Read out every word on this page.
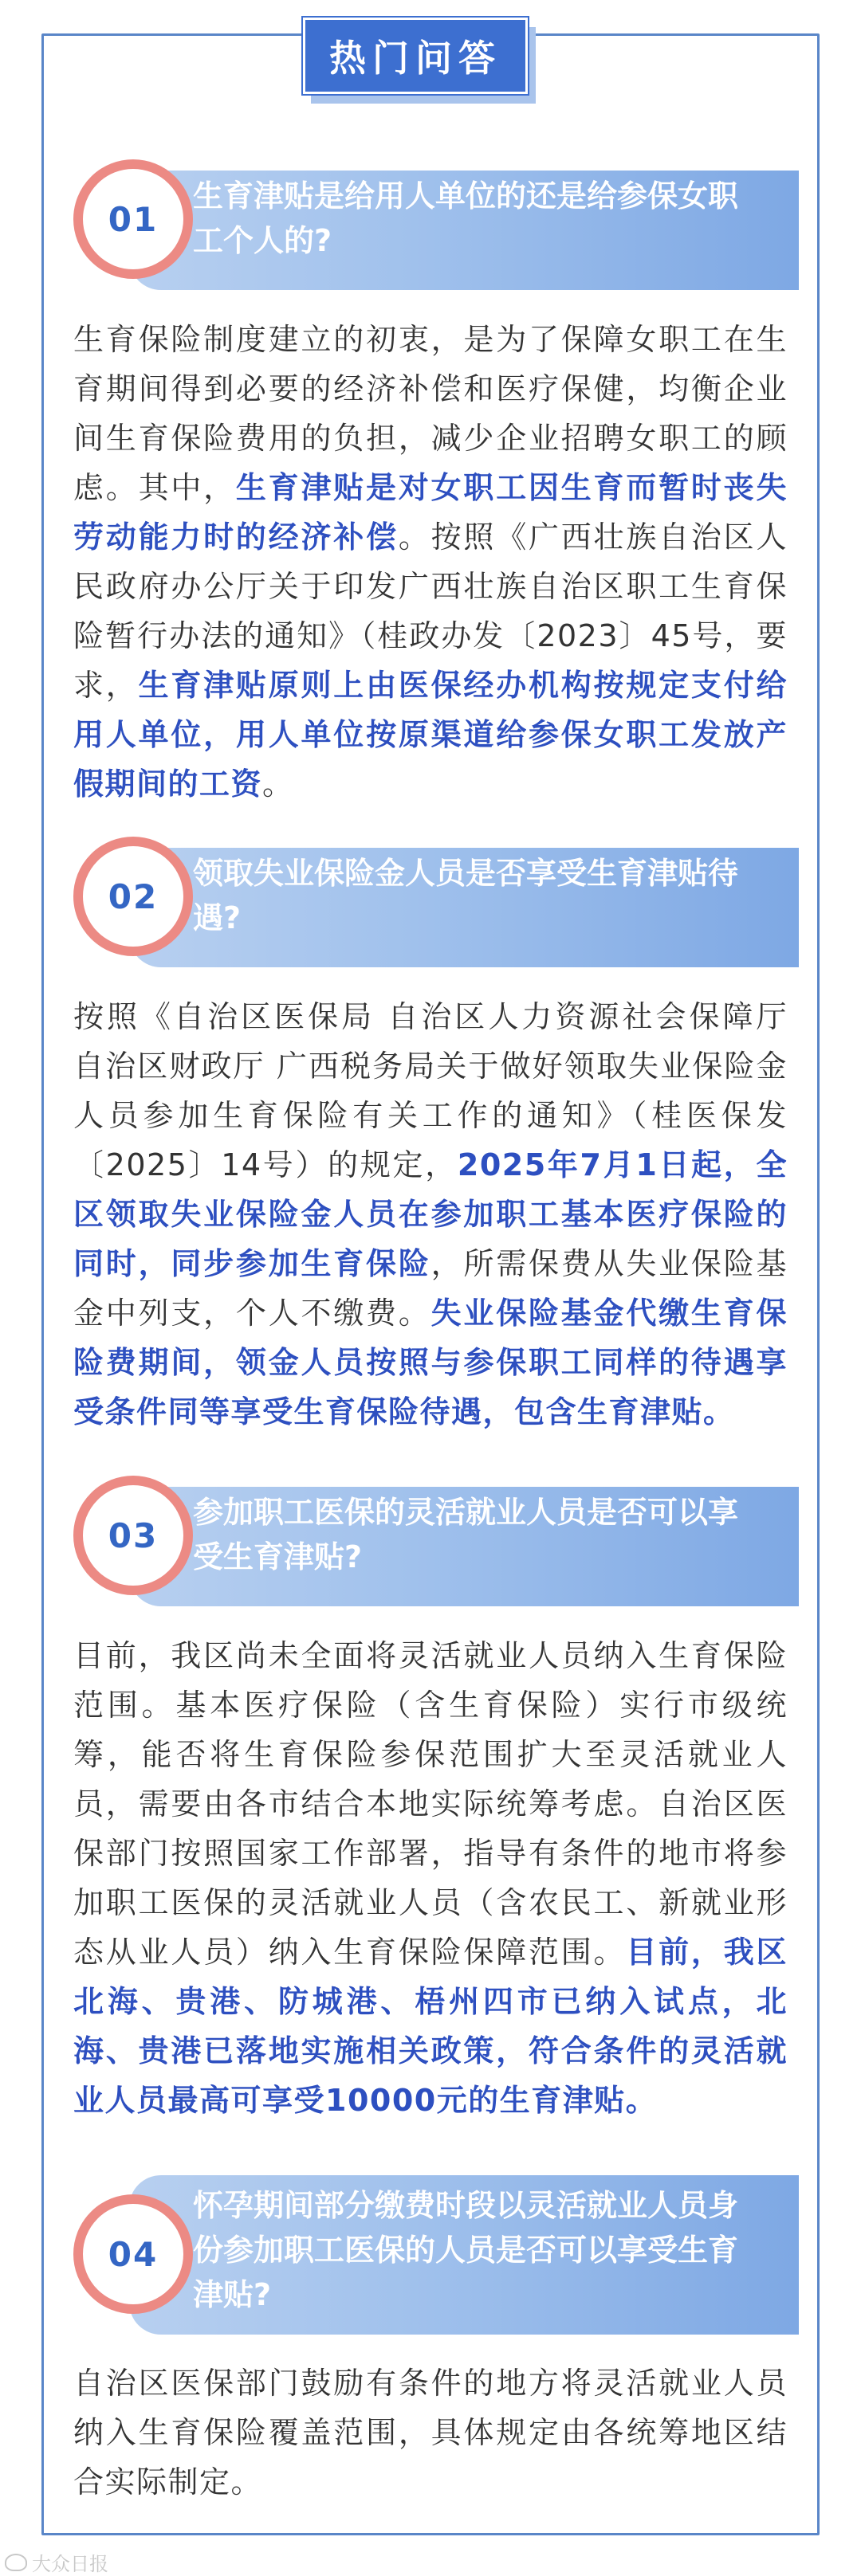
热门问答
生育津贴是给用人单位的还是给参保女职工个人的?
01
生育保险制度建立的初衷，是为了保障女职工在生育期间得到必要的经济补偿和医疗保健，均衡企业间生育保险费用的负担，减少企业招聘女职工的顾虑。其中，生育津贴是对女职工因生育而暂时丧失劳动能力时的经济补偿。按照《广西壮族自治区人民政府办公厅关于印发广西壮族自治区职工生育保险暂行办法的通知》（桂政办发〔2023〕45号，要求，生育津贴原则上由医保经办机构按规定支付给用人单位，用人单位按原渠道给参保女职工发放产假期间的工资。
领取失业保险金人员是否享受生育津贴待遇?
02
按照《自治区医保局 自治区人力资源社会保障厅 自治区财政厅 广西税务局关于做好领取失业保险金人员参加生育保险有关工作的通知》（桂医保发〔2025〕14号）的规定，2025年7月1日起，全区领取失业保险金人员在参加职工基本医疗保险的同时，同步参加生育保险，所需保费从失业保险基金中列支，个人不缴费。失业保险基金代缴生育保险费期间，领金人员按照与参保职工同样的待遇享受条件同等享受生育保险待遇，包含生育津贴。
参加职工医保的灵活就业人员是否可以享受生育津贴?
03
目前，我区尚未全面将灵活就业人员纳入生育保险范围。基本医疗保险（含生育保险）实行市级统筹，能否将生育保险参保范围扩大至灵活就业人员，需要由各市结合本地实际统筹考虑。自治区医保部门按照国家工作部署，指导有条件的地市将参加职工医保的灵活就业人员（含农民工、新就业形态从业人员）纳入生育保险保障范围。目前，我区北海、贵港、防城港、梧州四市已纳入试点，北海、贵港已落地实施相关政策，符合条件的灵活就业人员最高可享受10000元的生育津贴。
怀孕期间部分缴费时段以灵活就业人员身份参加职工医保的人员是否可以享受生育津贴?
04
自治区医保部门鼓励有条件的地方将灵活就业人员纳入生育保险覆盖范围，具体规定由各统筹地区结合实际制定。
大众日报
